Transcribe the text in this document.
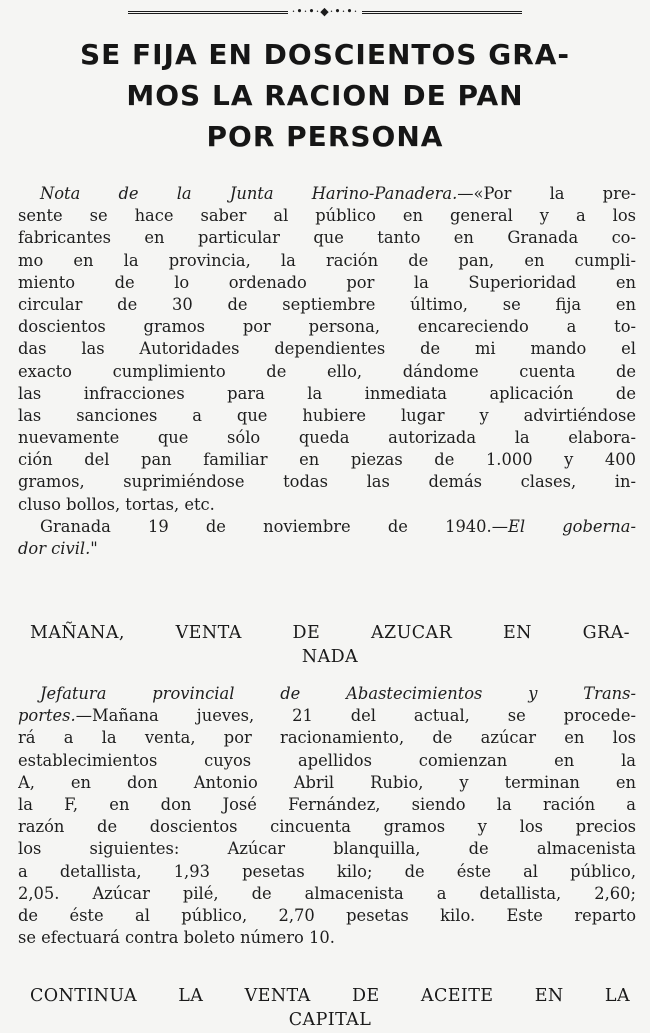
·•·•·◆·•·•·
SE FIJA EN DOSCIENTOS GRA-
MOS LA RACION DE PAN
POR PERSONA
Nota de la Junta Harino-Panadera.—«Por la pre-
sente se hace saber al público en general y a los
fabricantes en particular que tanto en Granada co-
mo en la provincia, la ración de pan, en cumpli-
miento de lo ordenado por la Superioridad en
circular de 30 de septiembre último, se fija en
doscientos gramos por persona, encareciendo a to-
das las Autoridades dependientes de mi mando el
exacto cumplimiento de ello, dándome cuenta de
las infracciones para la inmediata aplicación de
las sanciones a que hubiere lugar y advirtiéndose
nuevamente que sólo queda autorizada la elabora-
ción del pan familiar en piezas de 1.000 y 400
gramos, suprimiéndose todas las demás clases, in-
cluso bollos, tortas, etc.
Granada 19 de noviembre de 1940.—El goberna-
dor civil."
MAÑANA, VENTA DE AZUCAR EN GRA-
NADA
Jefatura provincial de Abastecimientos y Trans-
portes.—Mañana jueves, 21 del actual, se procede-
rá a la venta, por racionamiento, de azúcar en los
establecimientos cuyos apellidos comienzan en la
A, en don Antonio Abril Rubio, y terminan en
la F, en don José Fernández, siendo la ración a
razón de doscientos cincuenta gramos y los precios
los siguientes: Azúcar blanquilla, de almacenista
a detallista, 1,93 pesetas kilo; de éste al público,
2,05. Azúcar pilé, de almacenista a detallista, 2,60;
de éste al público, 2,70 pesetas kilo. Este reparto
se efectuará contra boleto número 10.
CONTINUA LA VENTA DE ACEITE EN LA
CAPITAL
